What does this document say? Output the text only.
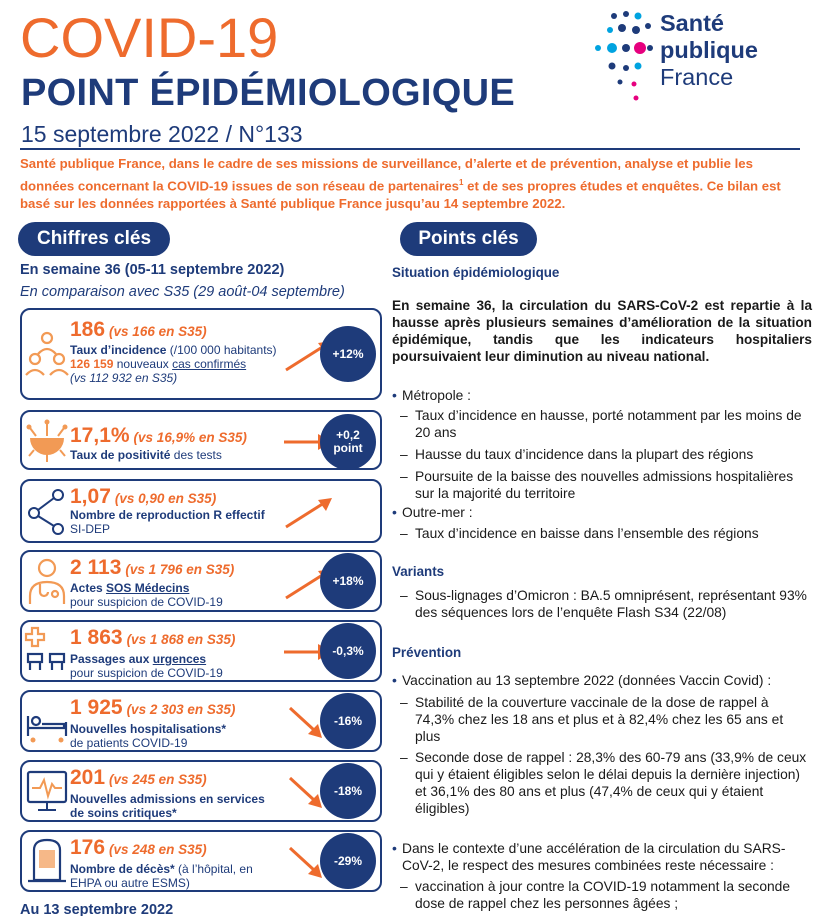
COVID-19
POINT ÉPIDÉMIOLOGIQUE
15 septembre 2022 / N°133
Santé publique France, dans le cadre de ses missions de surveillance, d’alerte et de prévention, analyse et publie les données concernant la COVID-19 issues de son réseau de partenaires$^1$ et de ses propres études et enquêtes. Ce bilan est basé sur les données rapportées à Santé publique France jusqu’au 14 septembre 2022.
Santé
publique
France
Chiffres clés
En semaine 36 (05-11 septembre 2022)
En comparaison avec S35 (29 août-04 septembre)
186 (vs 166 en S35)
Taux d’incidence (/100 000 habitants)
126 159 nouveaux cas confirmés
(vs 112 932 en S35)
+12%
17,1% (vs 16,9% en S35)
Taux de positivité des tests
+0,2
point
1,07 (vs 0,90 en S35)
Nombre de reproduction R effectif
SI-DEP
2 113 (vs 1 796 en S35)
Actes SOS Médecins
pour suspicion de COVID-19
+18%
1 863 (vs 1 868 en S35)
Passages aux urgences
pour suspicion de COVID-19
-0,3%
1 925 (vs 2 303 en S35)
Nouvelles hospitalisations*
de patients COVID-19
-16%
201 (vs 245 en S35)
Nouvelles admissions en services de soins critiques*
-18%
176 (vs 248 en S35)
Nombre de décès* (à l’hôpital, en EHPA ou autre ESMS)
-29%
Au 13 septembre 2022
Points clés
Situation épidémiologique
En semaine 36, la circulation du SARS-CoV-2 est repartie à la hausse après plusieurs semaines d’amélioration de la situation épidémique, tandis que les indicateurs hospitaliers poursuivaient leur diminution au niveau national.
• Métropole :
– Taux d’incidence en hausse, porté notamment par les moins de 20 ans
– Hausse du taux d’incidence dans la plupart des régions
– Poursuite de la baisse des nouvelles admissions hospitalières sur la majorité du territoire
• Outre-mer :
– Taux d’incidence en baisse dans l’ensemble des régions
Variants
– Sous-lignages d’Omicron : BA.5 omniprésent, représentant 93% des séquences lors de l’enquête Flash S34 (22/08)
Prévention
• Vaccination au 13 septembre 2022 (données Vaccin Covid) :
– Stabilité de la couverture vaccinale de la dose de rappel à 74,3% chez les 18 ans et plus et à 82,4% chez les 65 ans et plus
– Seconde dose de rappel : 28,3% des 60-79 ans (33,9% de ceux qui y étaient éligibles selon le délai depuis la dernière injection) et 36,1% des 80 ans et plus (47,4% de ceux qui y étaient éligibles)
• Dans le contexte d’une accélération de la circulation du SARS-CoV-2, le respect des mesures combinées reste nécessaire :
– vaccination à jour contre la COVID-19 notamment la seconde dose de rappel chez les personnes âgées ;
